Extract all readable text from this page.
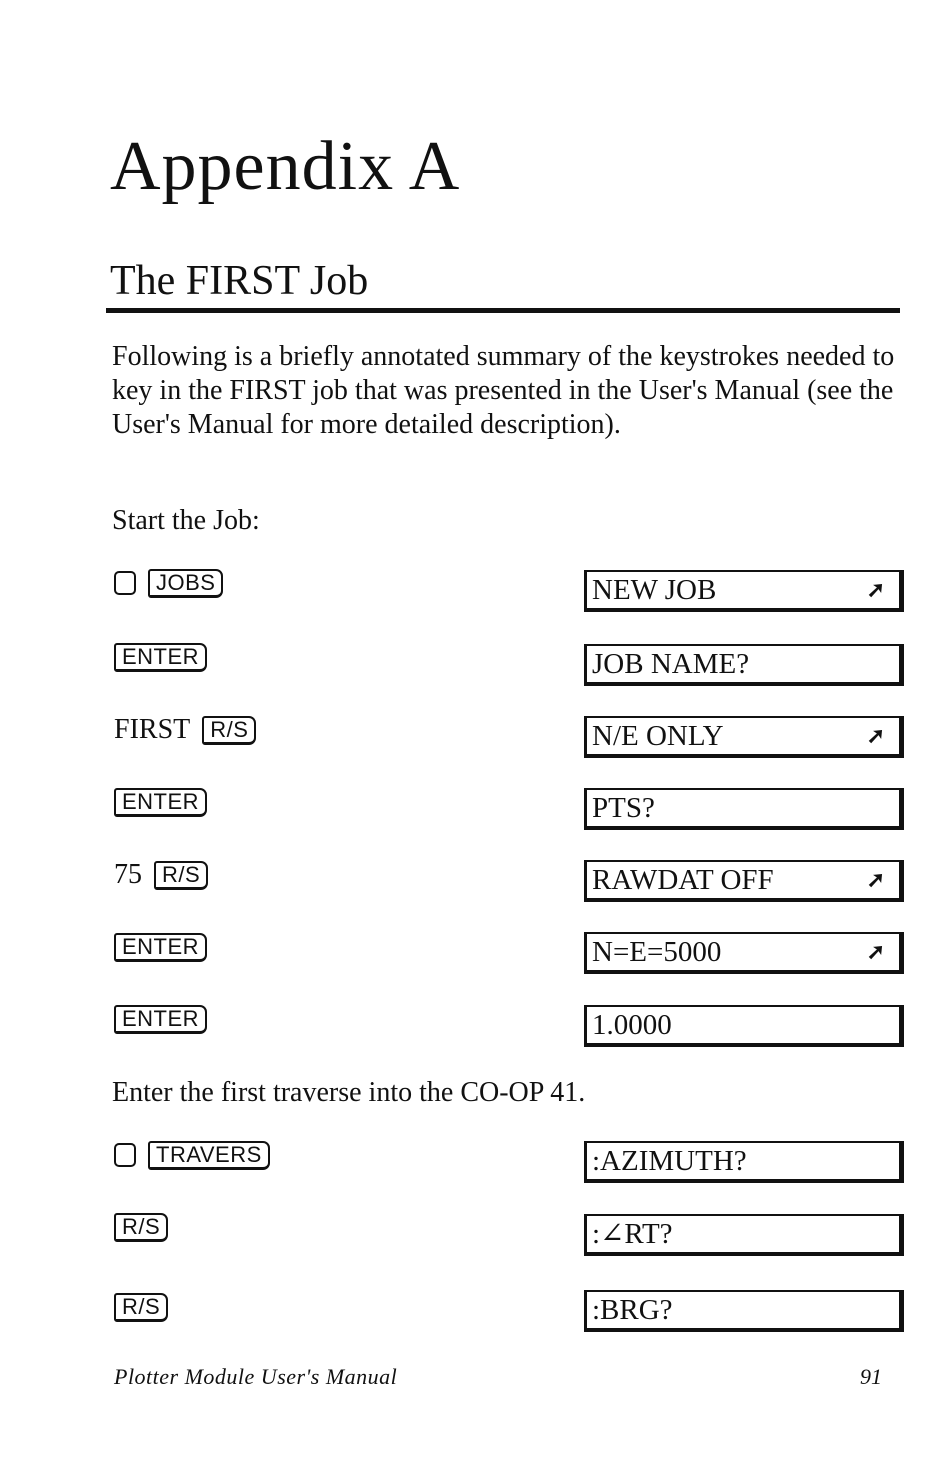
Appendix A
The FIRST Job

Following is a briefly annotated summary of the keystrokes needed to key in the FIRST job that was presented in the User's Manual (see the User's Manual for more detailed description).

Start the Job:

JOBS	NEW JOB	➚
ENTER	JOB NAME?
FIRST R/S	N/E ONLY	➚
ENTER	PTS?
75 R/S	RAWDAT OFF	➚
ENTER	N=E=5000	➚
ENTER	1.0000

Enter the first traverse into the CO-OP 41.

TRAVERS	:AZIMUTH?
R/S	:∠RT?
R/S	:BRG?
Plotter Module User's Manual	91
